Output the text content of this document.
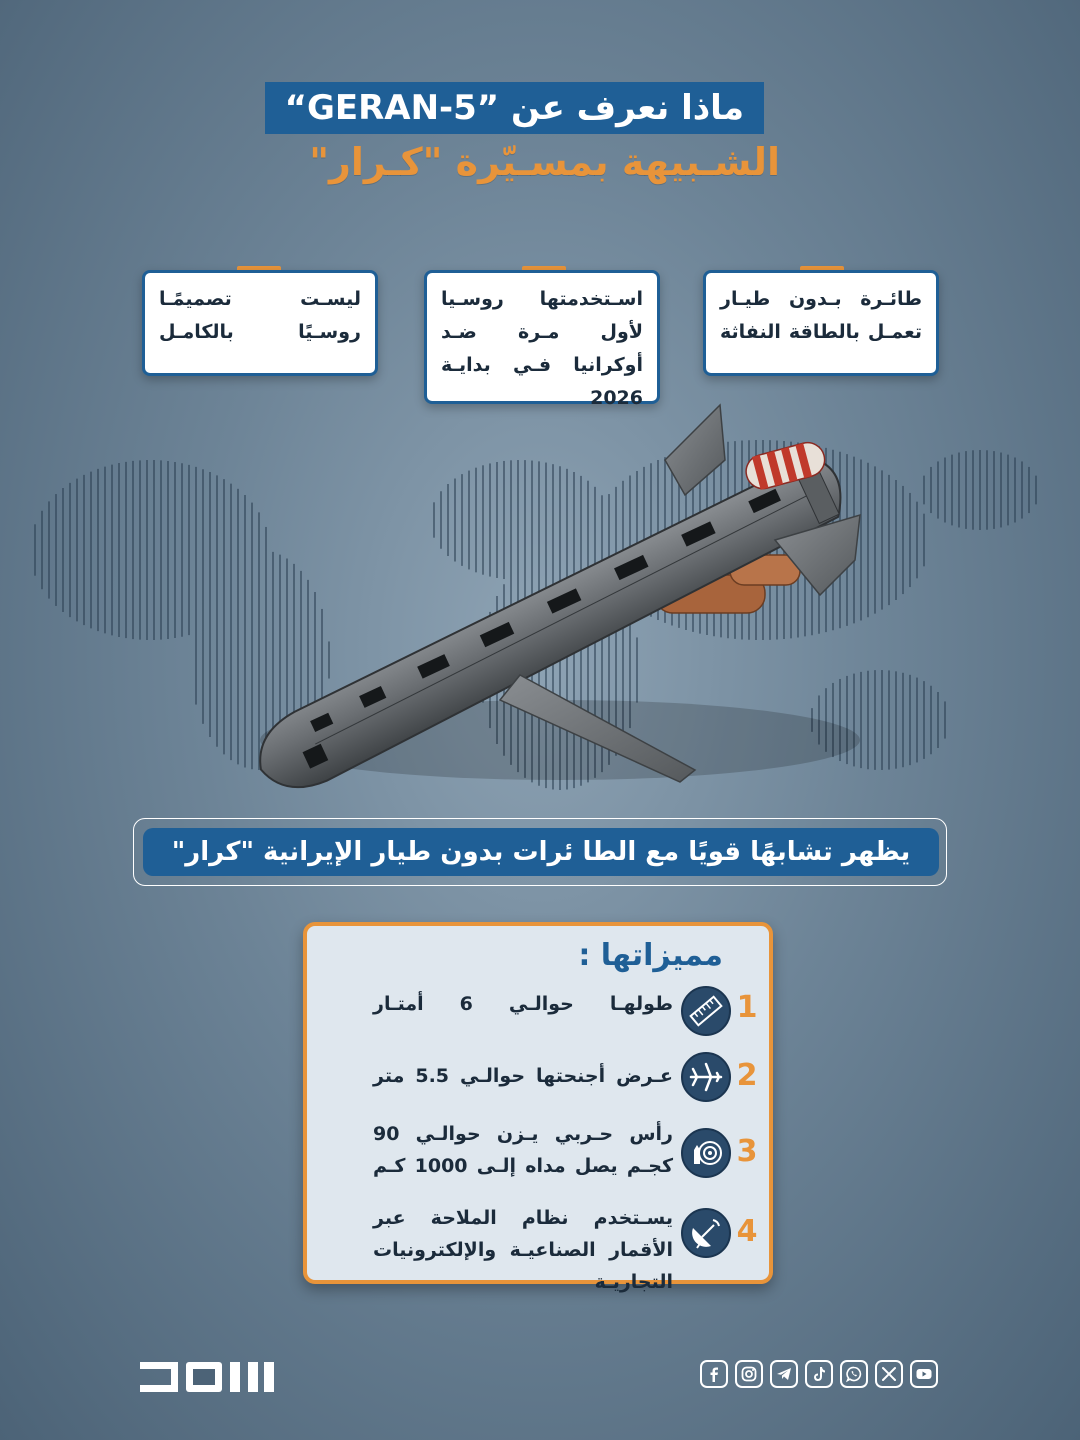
ماذا نعرف عن ”GERAN-5“
الشـبيهة بمسـيّرة "كـرار"
طائـرة بـدون طيـار تعمـل بالطاقة النفاثة
اسـتخدمتها روسـيا لأول مـرة ضـد أوكرانيا فـي بدايـة 2026
ليسـت تصميمًـا روسـيًا بالكامـل
يظهر تشابهًا قويًا مع الطا ئرات بدون طيار الإيرانية "كرار"
مميزاتها :
طولهـا حوالـي 6 أمتـار 1
عـرض أجنحتها حوالـي 5.5 متر 2
رأس حـربي يـزن حوالـي 90 كجـم يصل مداه إلـى 1000 كـم 3
يسـتخدم نظام الملاحة عبر الأقمار الصناعيـة والإلكترونيات التجاريـة
4
